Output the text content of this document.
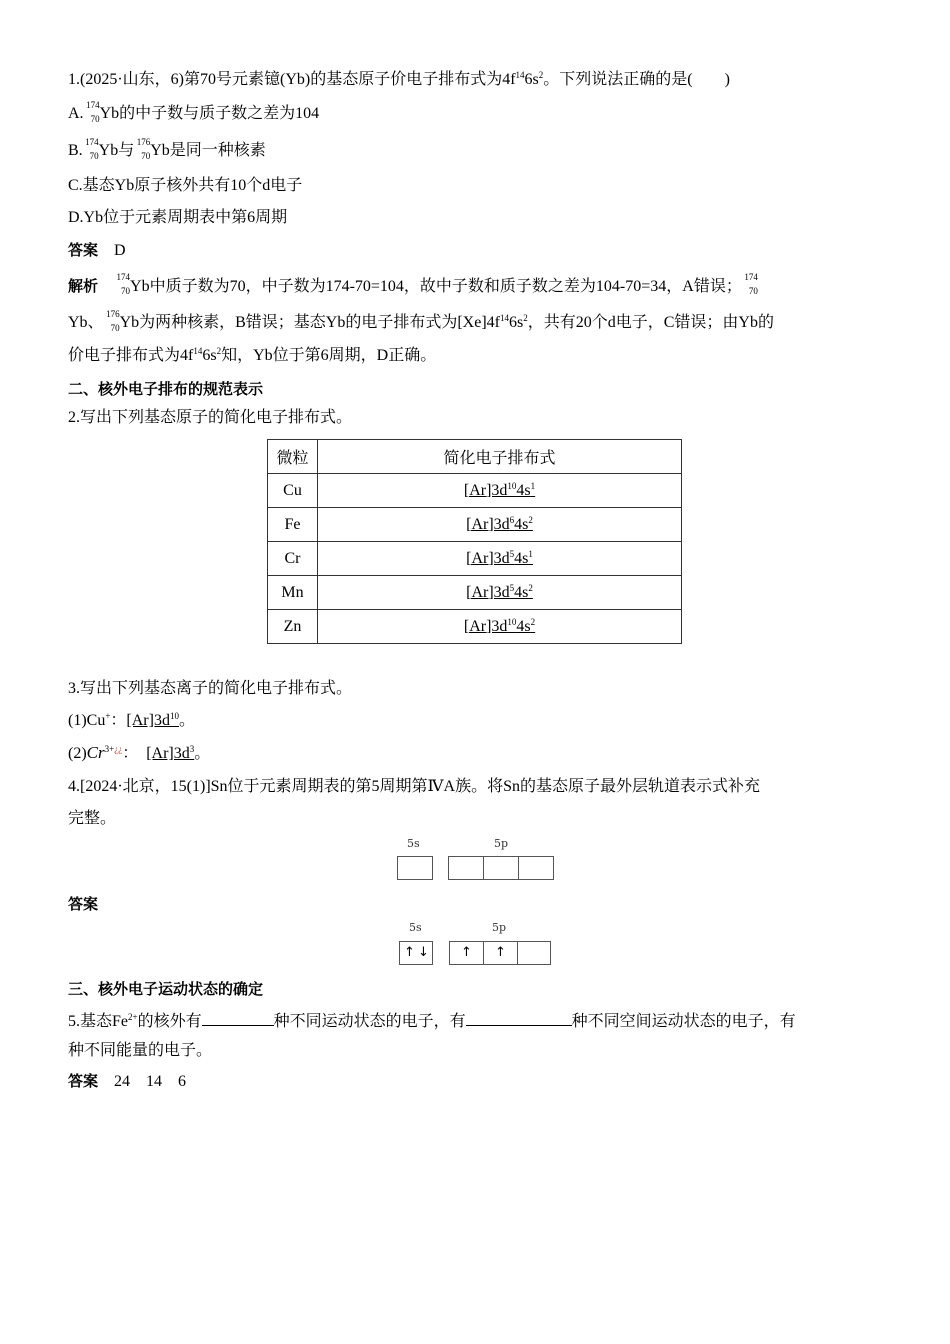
1.(2025·山东，6)第70号元素镱(Yb)的基态原子价电子排布式为$4f^{14}6s^2$。下列说法正确的是(　　)
A. 174
70 Yb的中子数与质子数之差为104
B. 174
70 Yb与 176
70 Yb是同一种核素
C.基态Yb原子核外共有10个d电子
D.Yb位于元素周期表中第6周期
答案 D
解析 174
70 Yb中质子数为70，中子数为174-70=104，故中子数和质子数之差为104-70=34，A错误；
174
70
Yb、 176
70 Yb为两种核素，B错误；基态Yb的电子排布式为$[Xe]4f^{14}6s^2$，共有20个d电子，C错误；由Yb的
价电子排布式为$4f^{14}6s^2$知，Yb位于第6周期，D正确。
二、核外电子排布的规范表示
2.写出下列基态原子的简化电子排布式。
微粒	简化电子排布式
Cu	$[Ar]3d^{10}4s^1$
Fe	$[Ar]3d^64s^2$
Cr	$[Ar]3d^54s^1$
Mn	$[Ar]3d^54s^2$
Zn	$[Ar]3d^{10}4s^2$
3.写出下列基态离子的简化电子排布式。
(1)Cu+：$[Ar]3d^{10}$。
$(2)Cr^{3+¿¿}$： $[Ar]3d^3$。
4.[2024·北京，15(1)]Sn位于元素周期表的第5周期第ⅣA族。将Sn的基态原子最外层轨道表示式补充
完整。
5s	5p
答案
5s	5p
↑ ↓ ↑ ↑
三、核外电子运动状态的确定
5.基态$Fe^{2+}$的核外有	种不同运动状态的电子，有	种不同空间运动状态的电子，有
种不同能量的电子。
答案 24　14　6
